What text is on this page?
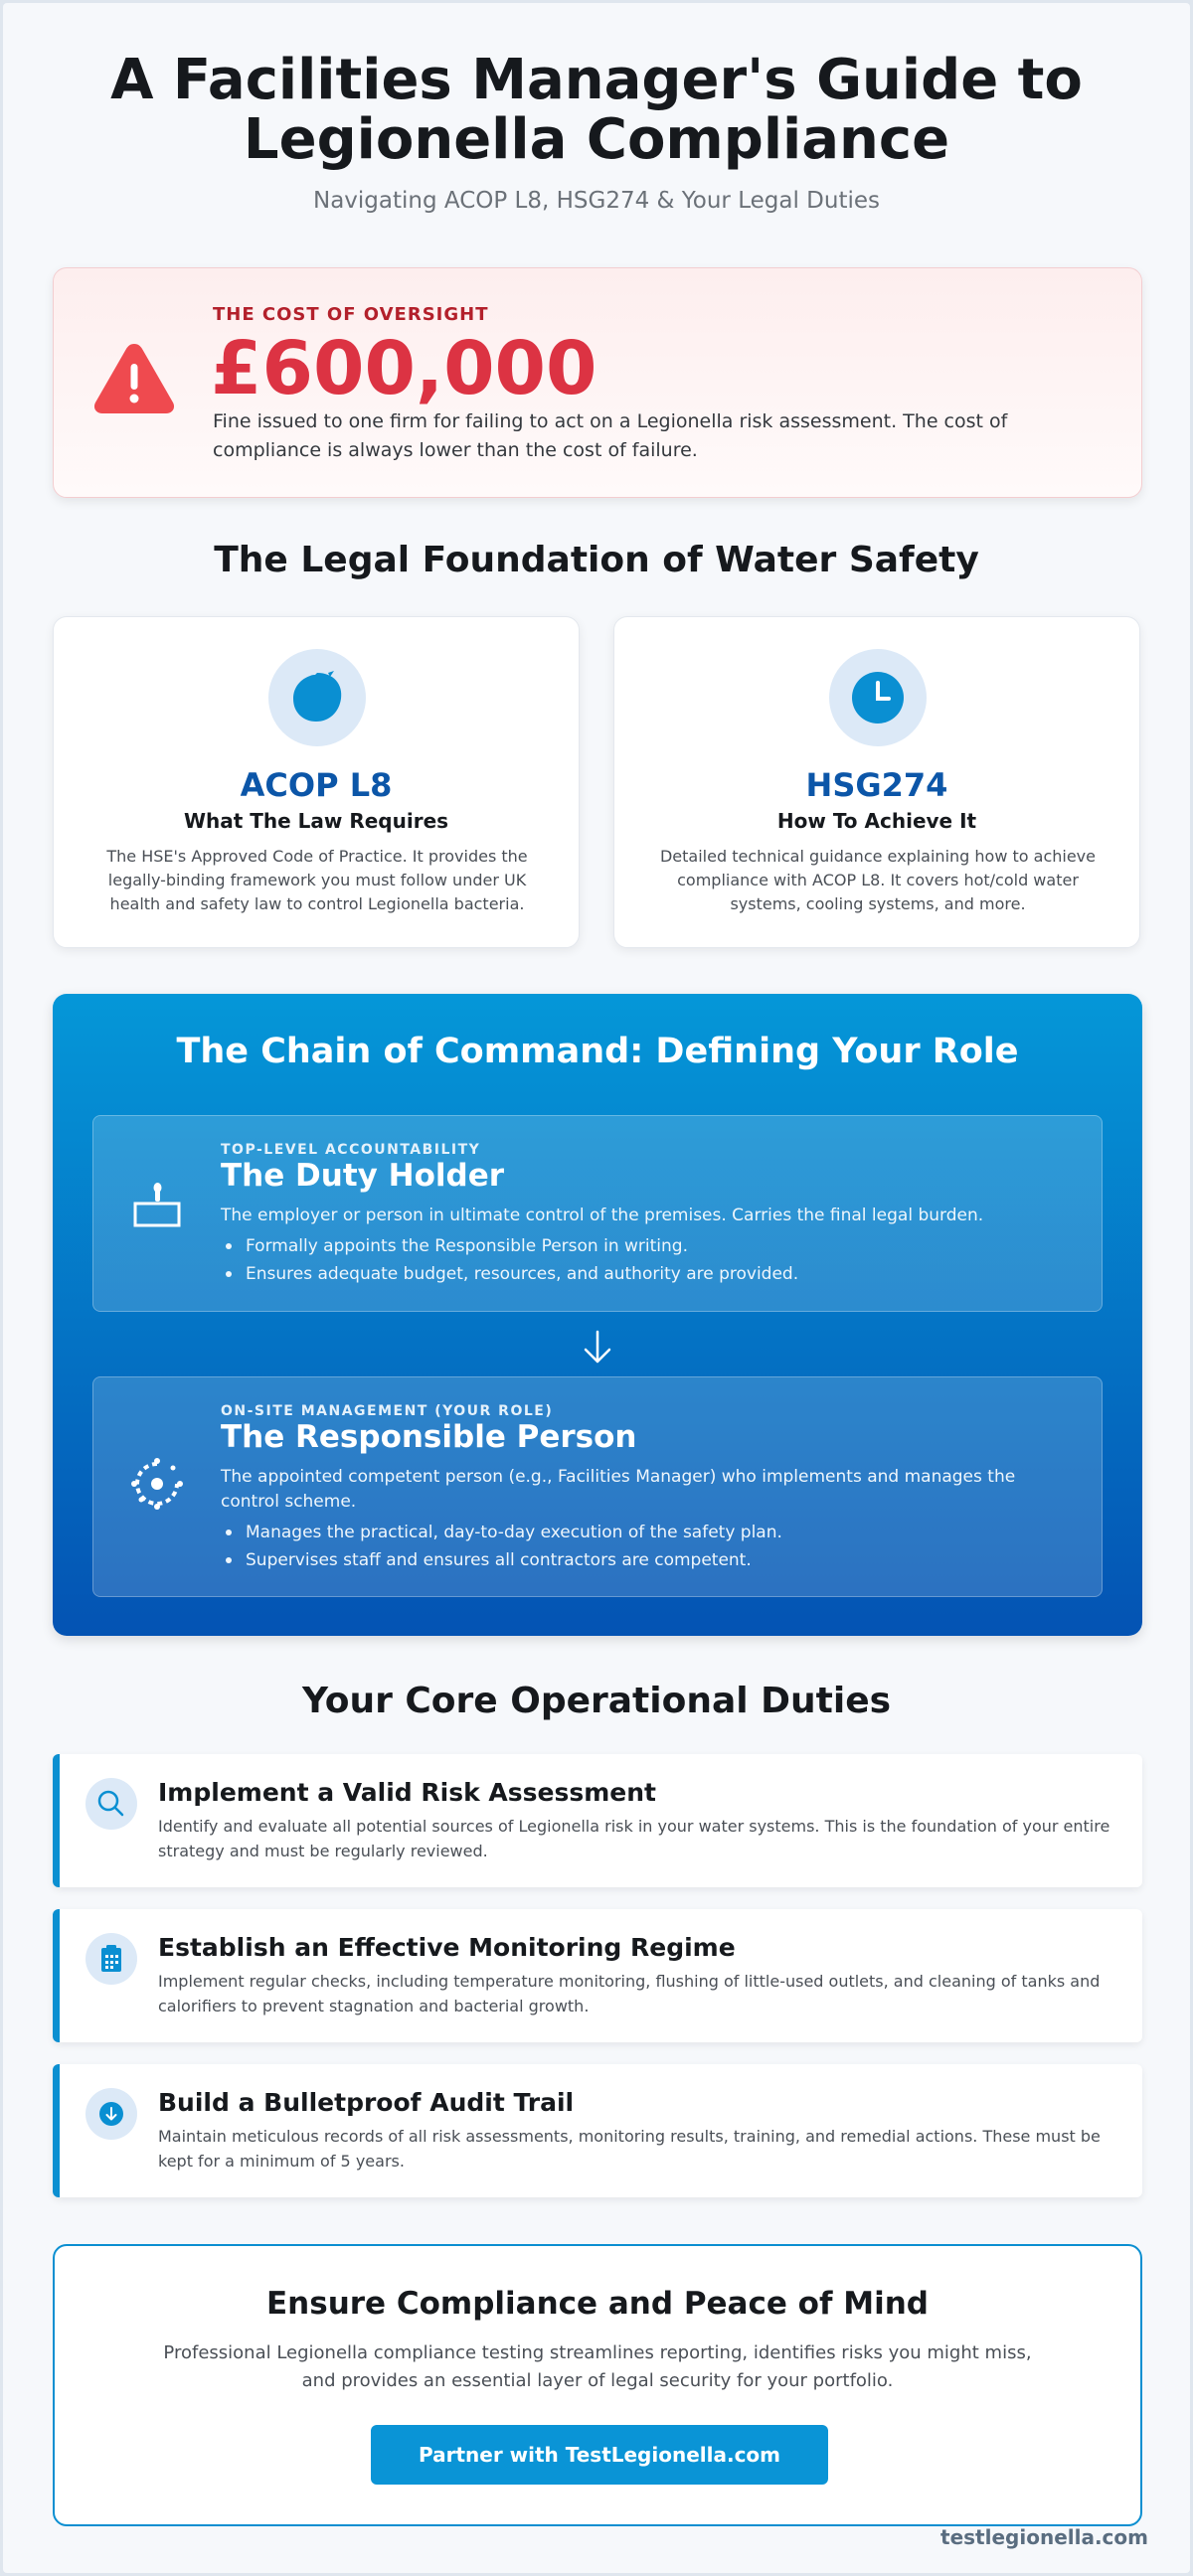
A Facilities Manager's Guide to
Legionella Compliance
Navigating ACOP L8, HSG274 & Your Legal Duties
THE COST OF OVERSIGHT
£600,000
Fine issued to one firm for failing to act on a Legionella risk assessment. The cost of compliance is always lower than the cost of failure.
The Legal Foundation of Water Safety
ACOP L8
What The Law Requires
The HSE's Approved Code of Practice. It provides the legally-binding framework you must follow under UK health and safety law to control Legionella bacteria.
HSG274
How To Achieve It
Detailed technical guidance explaining how to achieve compliance with ACOP L8. It covers hot/cold water systems, cooling systems, and more.
The Chain of Command: Defining Your Role
TOP-LEVEL ACCOUNTABILITY
The Duty Holder
The employer or person in ultimate control of the premises. Carries the final legal burden.
Formally appoints the Responsible Person in writing.
Ensures adequate budget, resources, and authority are provided.
ON-SITE MANAGEMENT (YOUR ROLE)
The Responsible Person
The appointed competent person (e.g., Facilities Manager) who implements and manages the control scheme.
Manages the practical, day-to-day execution of the safety plan.
Supervises staff and ensures all contractors are competent.
Your Core Operational Duties
Implement a Valid Risk Assessment
Identify and evaluate all potential sources of Legionella risk in your water systems. This is the foundation of your entire strategy and must be regularly reviewed.
Establish an Effective Monitoring Regime
Implement regular checks, including temperature monitoring, flushing of little-used outlets, and cleaning of tanks and calorifiers to prevent stagnation and bacterial growth.
Build a Bulletproof Audit Trail
Maintain meticulous records of all risk assessments, monitoring results, training, and remedial actions. These must be kept for a minimum of 5 years.
Ensure Compliance and Peace of Mind
Professional Legionella compliance testing streamlines reporting, identifies risks you might miss, and provides an essential layer of legal security for your portfolio.
Partner with TestLegionella.com
testlegionella.com
